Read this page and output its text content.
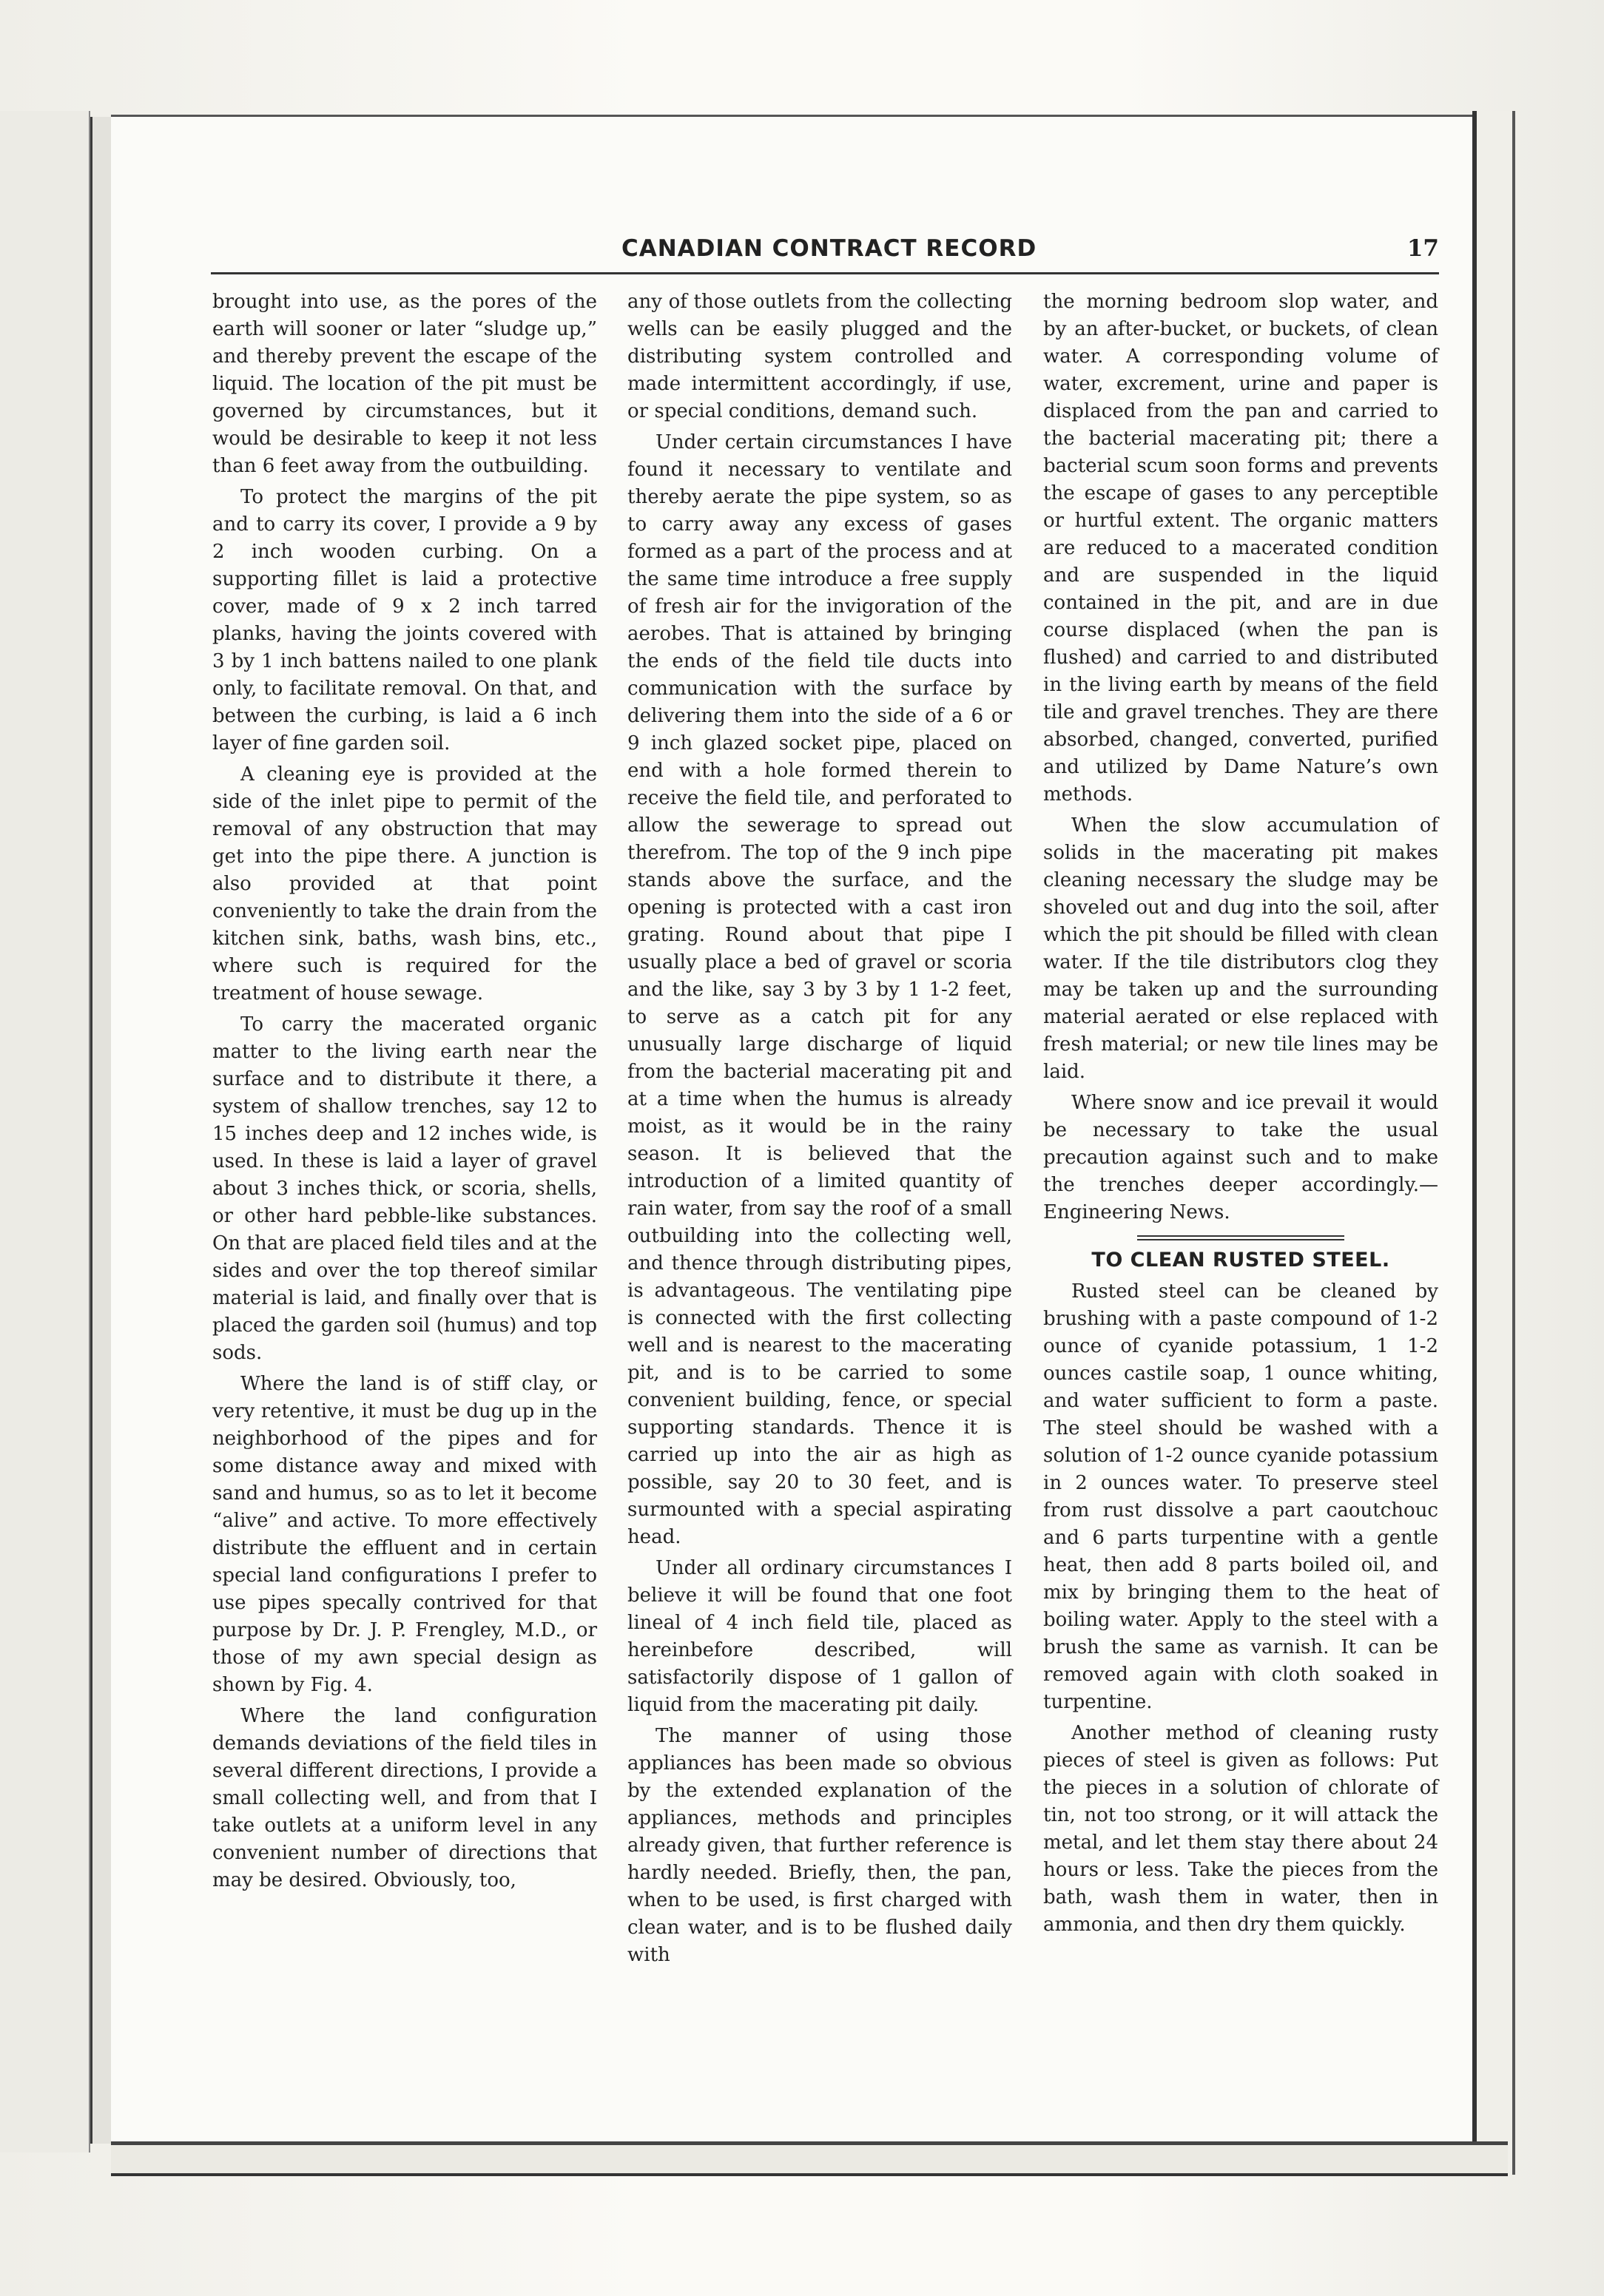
CANADIAN CONTRACT RECORD	17

brought into use, as the pores of the earth will sooner or later “sludge up,” and thereby prevent the escape of the liquid. The location of the pit must be governed by circumstances, but it would be desirable to keep it not less than 6 feet away from the outbuilding.

To protect the margins of the pit and to carry its cover, I provide a 9 by 2 inch wooden curbing. On a supporting fillet is laid a protective cover, made of 9 x 2 inch tarred planks, having the joints covered with 3 by 1 inch battens nailed to one plank only, to facilitate removal. On that, and between the curbing, is laid a 6 inch layer of fine garden soil.

A cleaning eye is provided at the side of the inlet pipe to permit of the removal of any obstruction that may get into the pipe there. A junction is also provided at that point conveniently to take the drain from the kitchen sink, baths, wash bins, etc., where such is required for the treatment of house sewage.

To carry the macerated organic matter to the living earth near the surface and to distribute it there, a system of shallow trenches, say 12 to 15 inches deep and 12 inches wide, is used. In these is laid a layer of gravel about 3 inches thick, or scoria, shells, or other hard pebble-like substances. On that are placed field tiles and at the sides and over the top thereof similar material is laid, and finally over that is placed the garden soil (humus) and top sods.

Where the land is of stiff clay, or very retentive, it must be dug up in the neighborhood of the pipes and for some distance away and mixed with sand and humus, so as to let it become “alive” and active. To more effectively distribute the effluent and in certain special land configurations I prefer to use pipes specally contrived for that purpose by Dr. J. P. Frengley, M.D., or those of my awn special design as shown by Fig. 4.

Where the land configuration demands deviations of the field tiles in several different directions, I provide a small collecting well, and from that I take outlets at a uniform level in any convenient number of directions that may be desired. Obviously, too,

any of those outlets from the collecting wells can be easily plugged and the distributing system controlled and made intermittent accordingly, if use, or special conditions, demand such.

Under certain circumstances I have found it necessary to ventilate and thereby aerate the pipe system, so as to carry away any excess of gases formed as a part of the process and at the same time introduce a free supply of fresh air for the invigoration of the aerobes. That is attained by bringing the ends of the field tile ducts into communication with the surface by delivering them into the side of a 6 or 9 inch glazed socket pipe, placed on end with a hole formed therein to receive the field tile, and perforated to allow the sewerage to spread out therefrom. The top of the 9 inch pipe stands above the surface, and the opening is protected with a cast iron grating. Round about that pipe I usually place a bed of gravel or scoria and the like, say 3 by 3 by 1 1-2 feet, to serve as a catch pit for any unusually large discharge of liquid from the bacterial macerating pit and at a time when the humus is already moist, as it would be in the rainy season. It is believed that the introduction of a limited quantity of rain water, from say the roof of a small outbuilding into the collecting well, and thence through distributing pipes, is advantageous. The ventilating pipe is connected with the first collecting well and is nearest to the macerating pit, and is to be carried to some convenient building, fence, or special supporting standards. Thence it is carried up into the air as high as possible, say 20 to 30 feet, and is surmounted with a special aspirating head.

Under all ordinary circumstances I believe it will be found that one foot lineal of 4 inch field tile, placed as hereinbefore described, will satisfactorily dispose of 1 gallon of liquid from the macerating pit daily.

The manner of using those appliances has been made so obvious by the extended explanation of the appliances, methods and principles already given, that further reference is hardly needed. Briefly, then, the pan, when to be used, is first charged with clean water, and is to be flushed daily with

the morning bedroom slop water, and by an after-bucket, or buckets, of clean water. A corresponding volume of water, excrement, urine and paper is displaced from the pan and carried to the bacterial macerating pit; there a bacterial scum soon forms and prevents the escape of gases to any perceptible or hurtful extent. The organic matters are reduced to a macerated condition and are suspended in the liquid contained in the pit, and are in due course displaced (when the pan is flushed) and carried to and distributed in the living earth by means of the field tile and gravel trenches. They are there absorbed, changed, converted, purified and utilized by Dame Nature’s own methods.

When the slow accumulation of solids in the macerating pit makes cleaning necessary the sludge may be shoveled out and dug into the soil, after which the pit should be filled with clean water. If the tile distributors clog they may be taken up and the surrounding material aerated or else replaced with fresh material; or new tile lines may be laid.

Where snow and ice prevail it would be necessary to take the usual precaution against such and to make the trenches deeper accordingly.—Engineering News.

TO CLEAN RUSTED STEEL.

Rusted steel can be cleaned by brushing with a paste compound of 1-2 ounce of cyanide potassium, 1 1-2 ounces castile soap, 1 ounce whiting, and water sufficient to form a paste. The steel should be washed with a solution of 1-2 ounce cyanide potassium in 2 ounces water. To preserve steel from rust dissolve a part caoutchouc and 6 parts turpentine with a gentle heat, then add 8 parts boiled oil, and mix by bringing them to the heat of boiling water. Apply to the steel with a brush the same as varnish. It can be removed again with cloth soaked in turpentine.

Another method of cleaning rusty pieces of steel is given as follows: Put the pieces in a solution of chlorate of tin, not too strong, or it will attack the metal, and let them stay there about 24 hours or less. Take the pieces from the bath, wash them in water, then in ammonia, and then dry them quickly.
